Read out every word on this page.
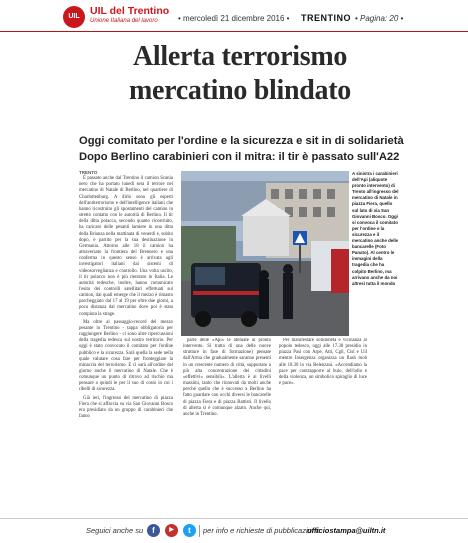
UIL UIL del Trentino
Unione Italiana del lavoro	• mercoledì 21 dicembre 2016 • TRENTINO • Pagina: 20 •
Allerta terrorismo
mercatino blindato
Oggi comitato per l'ordine e la sicurezza e sit in di solidarietà
Dopo Berlino carabinieri con il mitra: il tir è passato sull'A22
TRENTO

È passato anche dal Trentino il camion Scania nero che ha portato lunedì sera il terrore nel mercatino di Natale di Berlino, nel quartiere di Charlottenburg. A dirlo sono gli esperti dell'antiterrorismo e dell'intelligence italiani che hanno ricostruito gli spostamenti del camion in stretto contatto con le autorità di Berlino. Il tir della ditta polacca, secondo quanto ricostruito, ha caricato delle pesanti lamiere in una ditta della Brianza nella mattinata di venerdì e, subito dopo, è partito per la sua destinazione in Germania. Attorno alle 18 il camion ha attraversato la frontiera del Brennero e una conferma in questo senso è arrivata agli investigatori italiani dai sistemi di videosorveglianza e controllo. Una volta uscito, il tir polacco non è più rientrato in Italia. Le autorità tedesche, inoltre, hanno comunicato l'esito dei controlli satellitari effettuati sul camion, dai quali emerge che il mezzo è rimasto parcheggiato dal 17 al 19 per oltre due giorni, a poca distanza dal mercatino dove poi è stata compiuta la strage.

Ma oltre al passaggio-record del mezzo pesante in Trentino - tappa obbligatoria per raggiungere Berlino - ci sono altre ripercussioni della tragedia tedesca sul nostro territorio. Per oggi è stato convocato il comitato per l'ordine pubblico e la sicurezza. Sarà quella la sede nella quale valutare cosa fare per fronteggiare la minaccia del terrorismo. E ci sarà all'ordine del giorno anche il mercatino di Natale. Che è comunque un punto di ritrovo ad rischio ma pensare a quindi le per il suo di costo in cui i ribelli di sicurezza.

Già ieri, l'ingresso del mercatino di piazza Fiera che si affaccia su via San Giovanni Bosco era presidiato da un gruppo di carabinieri che fanno

A sinistra i carabinieri dell'Api (aliquote pronto intervento) di Trento all'ingresso del mercatino di Natale in piazza Fiera, quello sul lato di via San Giovanni Bosco. Oggi si convoca il comitato per l'ordine e la sicurezza e il mercatino anche delle bancarelle (Foto Panato). Al centro le immagini della tragedia che ha colpito Berlino, ma arrivano anche da noi altresì tutta il mondo

parte delle «Api» le abituate ai pronto intervento. Si tratta di una delle nuove strutture in fase di formazione) pensate dall'Arma che gradualmente saranno presenti in un crescente numero di città, supportato a più alta concentrazione dei cittadini «effettivi» sensibili». L'allerta è ai livelli massimi, tanto che rinnovati da molti anche perché quello che è successo a Berlino ha fatto guardare con occhi diversi le bancarelle di piazza Fiera e di piazza Battisti. Il livello di allerta si è comunque alzato. Anche qui, anche in Trentino.

Per manifestare solidarietà e vicinanza al popolo tedesco, oggi alle 17.30 presidio in piazza Pasi con Arpe, Atti, Cgil, Cisl e Uil mentre Insergenza organizza un flash mob alle 18.30 in via Belenzani. «Accendiamo la pace per contrapporre al buio, dell'odio e della violenza, un simbolico spiraglio di luce e pace».

Seguici anche su	f	▶	t	per info e richieste di pubblicazioni:
ufficiostampa@uiltn.it
